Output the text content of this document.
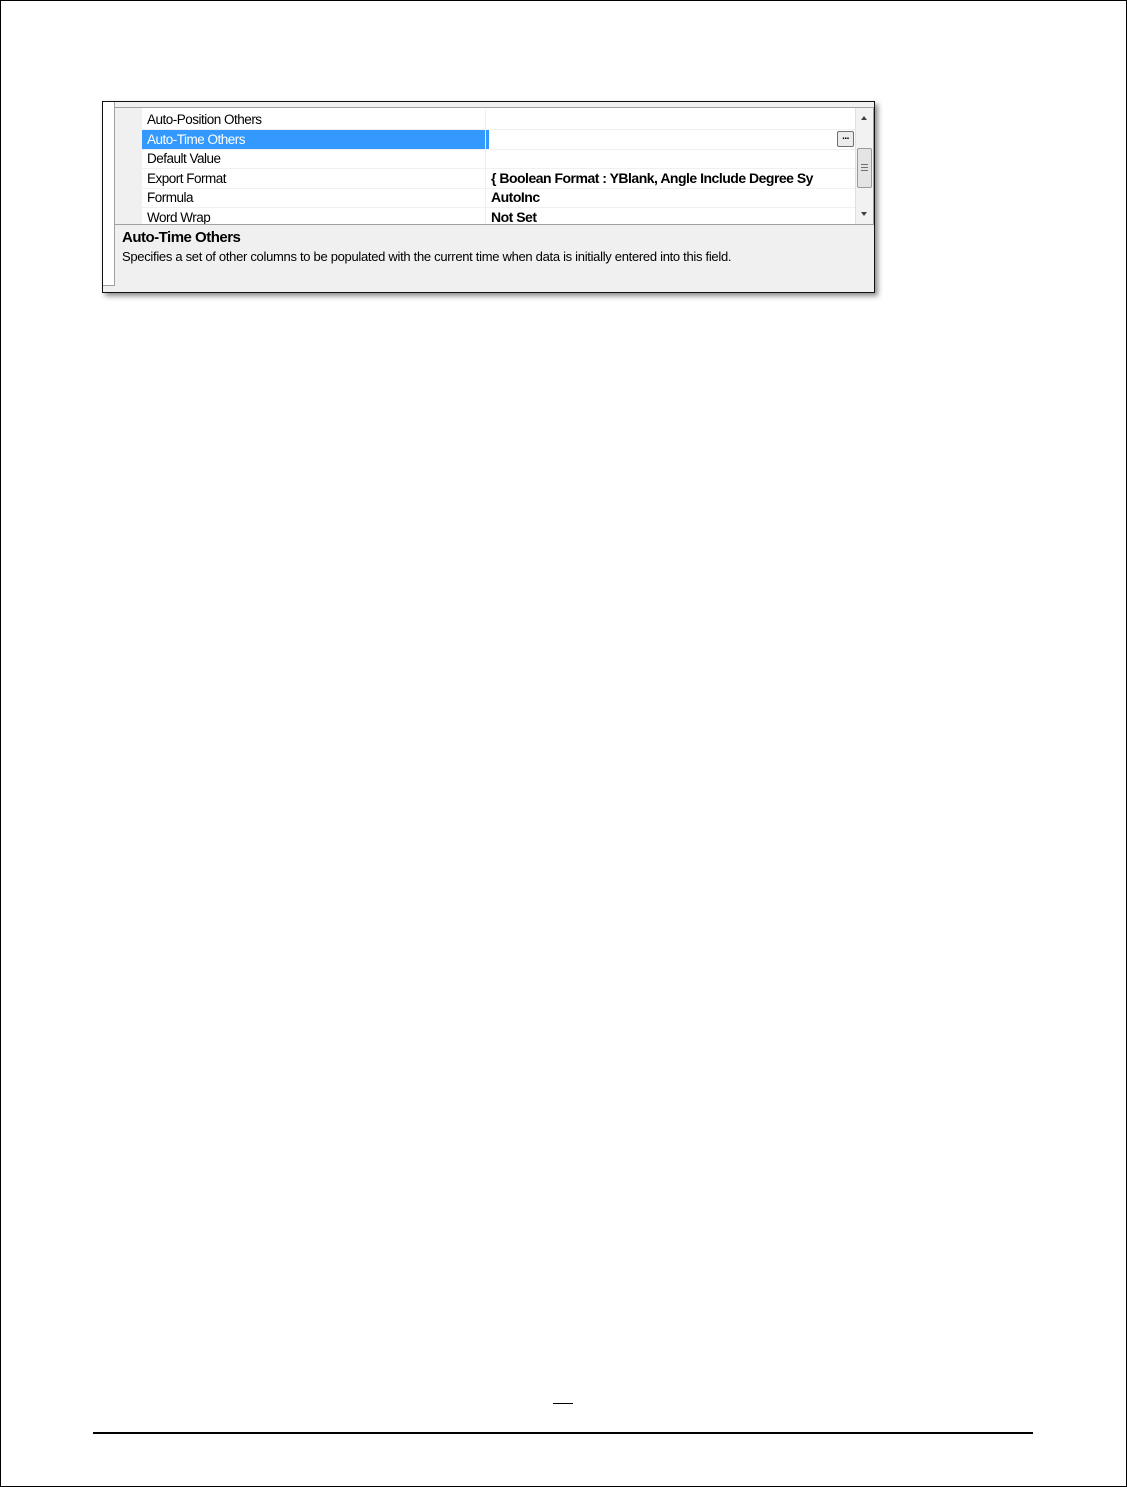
Auto-Position Others
Auto-Time Others	...
Default Value
Export Format	{ Boolean Format : YBlank, Angle Include Degree Sy
Formula	AutoInc
Word Wrap	Not Set
Auto-Time Others
Specifies a set of other columns to be populated with the current time when data is initially entered into this field.
